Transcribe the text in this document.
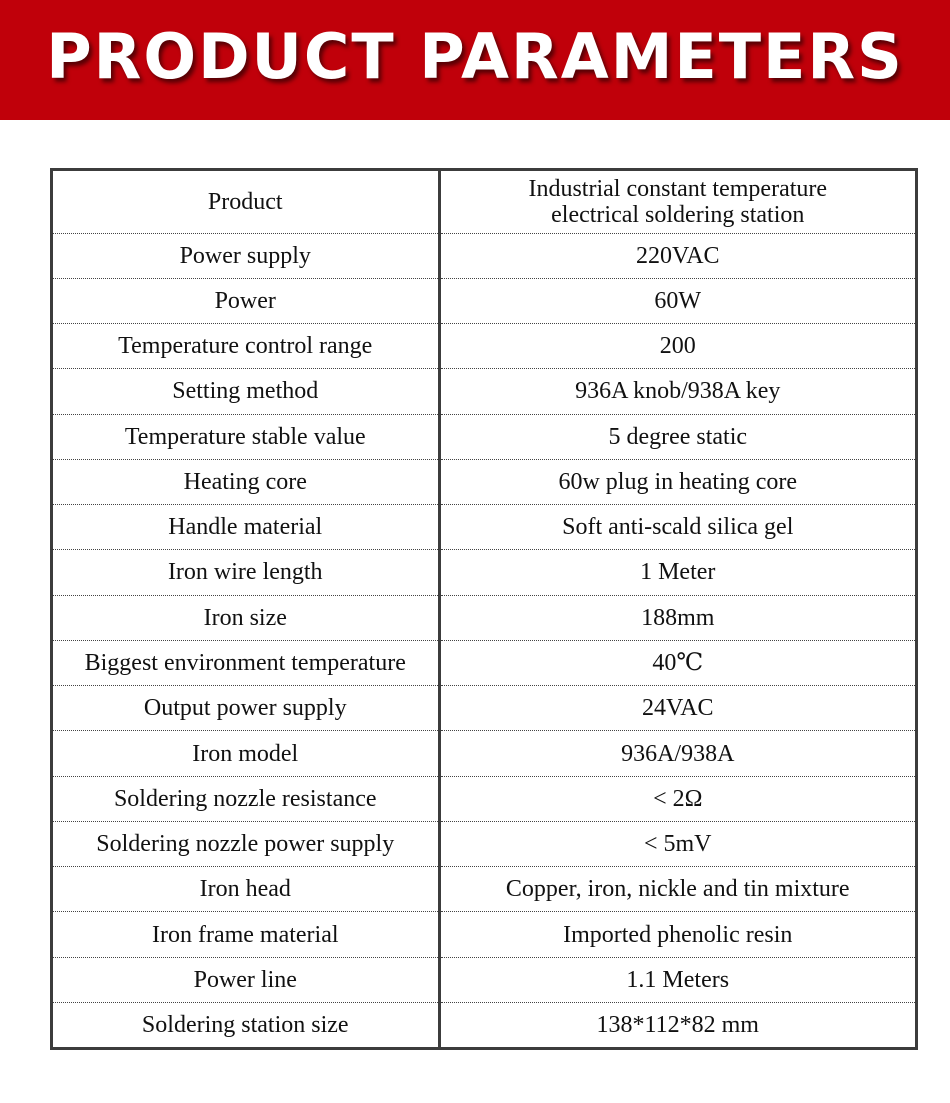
PRODUCT PARAMETERS
Product	Industrial constant temperature
electrical soldering station
Power supply	220VAC
Power	60W
Temperature control range	200
Setting method	936A knob/938A key
Temperature stable value	5 degree static
Heating core	60w plug in heating core
Handle material	Soft anti-scald silica gel
Iron wire length	1 Meter
Iron size	188mm
Biggest environment temperature	40℃
Output power supply	24VAC
Iron model	936A/938A
Soldering nozzle resistance	< 2Ω
Soldering nozzle power supply	< 5mV
Iron head	Copper, iron, nickle and tin mixture
Iron frame material	Imported phenolic resin
Power line	1.1 Meters
Soldering station size	138*112*82 mm
